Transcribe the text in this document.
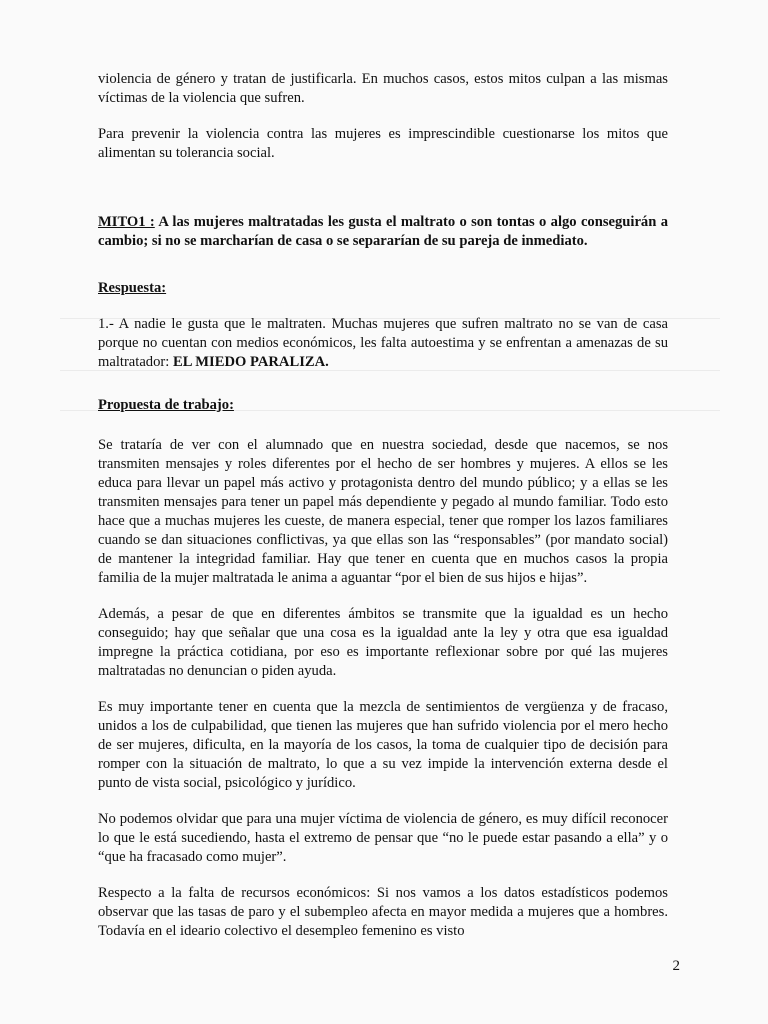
violencia de género y tratan de justificarla. En muchos casos, estos mitos culpan a las mismas víctimas de la violencia que sufren.

Para prevenir la violencia contra las mujeres es imprescindible cuestionarse los mitos que alimentan su tolerancia social.

MITO1 : A las mujeres maltratadas les gusta el maltrato o son tontas o algo conseguirán a cambio; si no se marcharían de casa o se separarían de su pareja de inmediato.

Respuesta:

1.- A nadie le gusta que le maltraten. Muchas mujeres que sufren maltrato no se van de casa porque no cuentan con medios económicos, les falta autoestima y se enfrentan a amenazas de su maltratador: EL MIEDO PARALIZA.

Propuesta de trabajo:

Se trataría de ver con el alumnado que en nuestra sociedad, desde que nacemos, se nos transmiten mensajes y roles diferentes por el hecho de ser hombres y mujeres. A ellos se les educa para llevar un papel más activo y protagonista dentro del mundo público; y a ellas se les transmiten mensajes para tener un papel más dependiente y pegado al mundo familiar. Todo esto hace que a muchas mujeres les cueste, de manera especial, tener que romper los lazos familiares cuando se dan situaciones conflictivas, ya que ellas son las “responsables” (por mandato social) de mantener la integridad familiar. Hay que tener en cuenta que en muchos casos la propia familia de la mujer maltratada le anima a aguantar “por el bien de sus hijos e hijas”.

Además, a pesar de que en diferentes ámbitos se transmite que la igualdad es un hecho conseguido; hay que señalar que una cosa es la igualdad ante la ley y otra que esa igualdad impregne la práctica cotidiana, por eso es importante reflexionar sobre por qué las mujeres maltratadas no denuncian o piden ayuda.

Es muy importante tener en cuenta que la mezcla de sentimientos de vergüenza y de fracaso, unidos a los de culpabilidad, que tienen las mujeres que han sufrido violencia por el mero hecho de ser mujeres, dificulta, en la mayoría de los casos, la toma de cualquier tipo de decisión para romper con la situación de maltrato, lo que a su vez impide la intervención externa desde el punto de vista social, psicológico y jurídico.

No podemos olvidar que para una mujer víctima de violencia de género, es muy difícil reconocer lo que le está sucediendo, hasta el extremo de pensar que “no le puede estar pasando a ella” y o “que ha fracasado como mujer”.

Respecto a la falta de recursos económicos: Si nos vamos a los datos estadísticos podemos observar que las tasas de paro y el subempleo afecta en mayor medida a mujeres que a hombres. Todavía en el ideario colectivo el desempleo femenino es visto

2
